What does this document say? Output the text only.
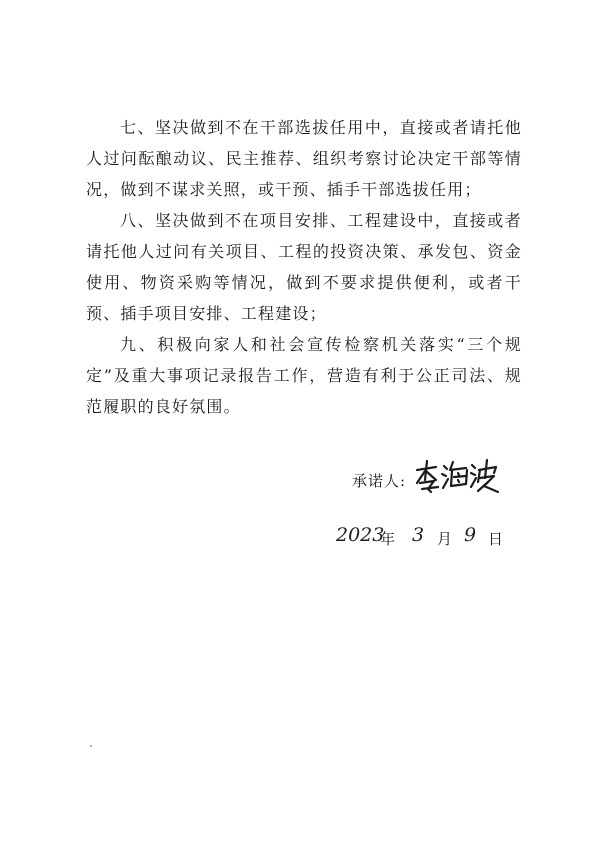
七、坚决做到不在干部选拔任用中，直接或者请托他人过问酝酿动议、民主推荐、组织考察讨论决定干部等情况，做到不谋求关照，或干预、插手干部选拔任用；

八、坚决做到不在项目安排、工程建设中，直接或者请托他人过问有关项目、工程的投资决策、承发包、资金使用、物资采购等情况，做到不要求提供便利，或者干预、插手项目安排、工程建设；

九、积极向家人和社会宣传检察机关落实“三个规定”及重大事项记录报告工作，营造有利于公正司法、规范履职的良好氛围。

承诺人:
2023
年 3 月 9 日
